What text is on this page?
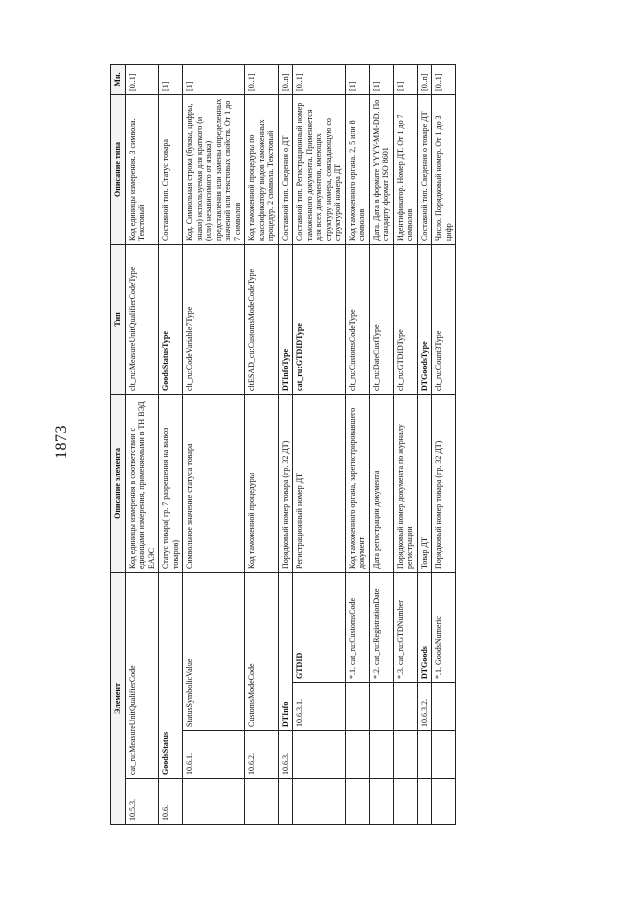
1873
Элемент				Описание элемента	Тип	Описание типа	Мн.
10.5.3.	cat_ru:MeasureUnitQualifierCode			Код единицы измерения в соответствии с единицами измерения, применяемыми в ТН ВЭД ЕАЭС	clt_ru:MeasureUnitQualifierCodeType	Код единицы измерения. 3 символа. Текстовый	[0..1]
10.6.	GoodsStatus			Статус товара( гр. 7 разрешения на вывоз товаров)	GoodsStatusType	Составной тип. Статус товара	[1]
	10.6.1.	StatusSymbolicValue		Символьное значение статуса товара	clt_ru:CodeVariable7Type	Код. Символьная строка (буквы, цифры, знаки) используемая для краткого (и (или) независимого от языка) представления или замены определенных значений или текстовых свойств. От 1 до 7 символов	[1]
	10.6.2.	CustomsModeCode		Код таможенной процедуры	cltESAD_cu:CustomsModeCodeType	Код таможенной процедуры по классификатору видов таможенных процедур. 2 символа. Текстовый	[0..1]
	10.6.3.	DTInfo		Порядковый номер товара (гр. 32 ДТ)	DTInfoType	Составной тип. Сведения о ДТ	[0..n]
		10.6.3.1.	GTDID	Регистрационный номер ДТ	cat_ru:GTDIDType	Составной тип. Регистрационный номер таможенного документа. Применяется для всех документов, имеющих структуру номера, совпадающую со структурой номера ДТ	[0..1]
			*.1. cat_ru:CustomsCode	Код таможенного органа, зарегистрировавшего документ	clt_ru:CustomsCodeType	Код таможенного органа. 2, 5 или 8 символов	[1]
			*.2. cat_ru:RegistrationDate	Дата регистрации документа	clt_ru:DateCustType	Дата. Дата в формате YYYY-MM-DD. По стандарту формат ISO 8601	[1]
			*.3. cat_ru:GTDNumber	Порядковый номер документа по журналу регистрации	clt_ru:GTDIDType	Идентификатор. Номер ДТ. От 1 до 7 символов	[1]
		10.6.3.2.	DTGoods	Товар ДТ	DTGoodsType	Составной тип. Сведения о товаре ДТ	[0..n]
			*.1. GoodsNumeric	Порядковый номер товара (гр. 32 ДТ)	clt_ru:Count3Type	Число. Порядковый номер. От 1 до 3 цифр	[0..1]
